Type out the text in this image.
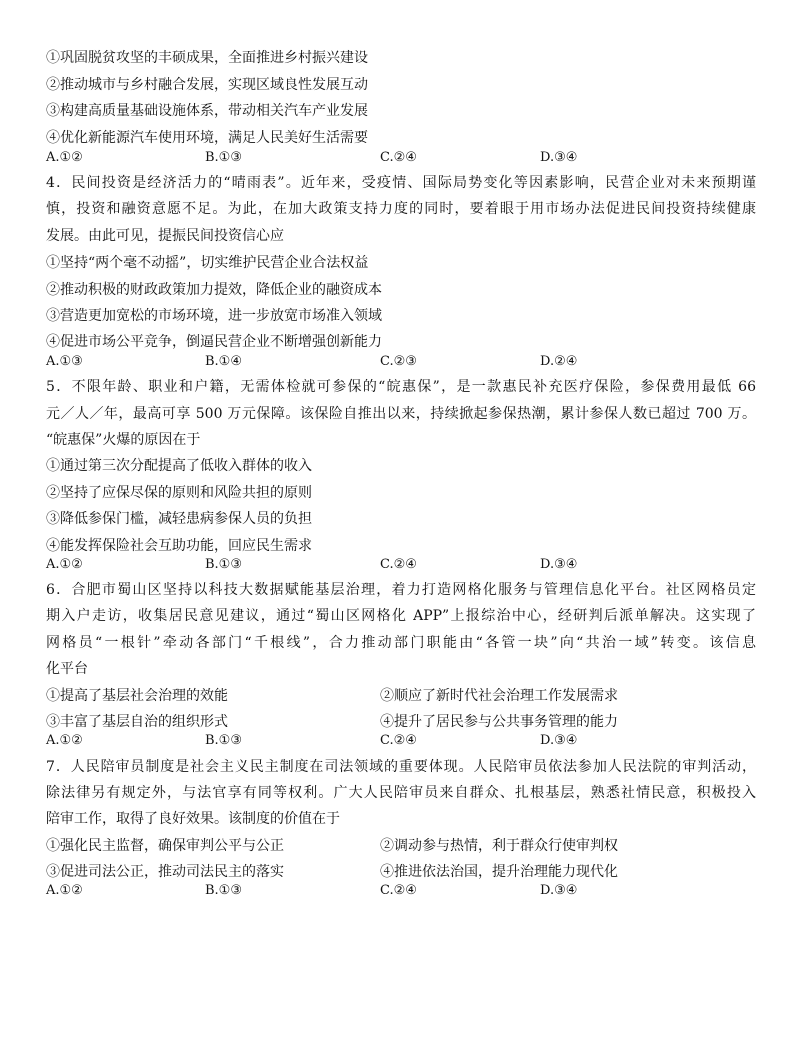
①巩固脱贫攻坚的丰硕成果，全面推进乡村振兴建设
②推动城市与乡村融合发展，实现区域良性发展互动
③构建高质量基础设施体系，带动相关汽车产业发展
④优化新能源汽车使用环境，满足人民美好生活需要
A.①②	B.①③	C.②④	D.③④
4．民间投资是经济活力的“晴雨表”。近年来，受疫情、国际局势变化等因素影响，民营企业对未来预期谨
慎，投资和融资意愿不足。为此，在加大政策支持力度的同时，要着眼于用市场办法促进民间投资持续健康
发展。由此可见，提振民间投资信心应
①坚持“两个毫不动摇”，切实维护民营企业合法权益
②推动积极的财政政策加力提效，降低企业的融资成本
③营造更加宽松的市场环境，进一步放宽市场准入领域
④促进市场公平竞争，倒逼民营企业不断增强创新能力
A.①③	B.①④	C.②③	D.②④
5．不限年龄、职业和户籍，无需体检就可参保的“皖惠保”，是一款惠民补充医疗保险，参保费用最低 66
元／人／年，最高可享 500 万元保障。该保险自推出以来，持续掀起参保热潮，累计参保人数已超过 700 万。
“皖惠保”火爆的原因在于
①通过第三次分配提高了低收入群体的收入
②坚持了应保尽保的原则和风险共担的原则
③降低参保门槛，减轻患病参保人员的负担
④能发挥保险社会互助功能，回应民生需求
A.①②	B.①③	C.②④	D.③④
6．合肥市蜀山区坚持以科技大数据赋能基层治理，着力打造网格化服务与管理信息化平台。社区网格员定
期入户走访，收集居民意见建议，通过“蜀山区网格化 APP”上报综治中心，经研判后派单解决。这实现了
网格员“一根针”牵动各部门“千根线”，合力推动部门职能由“各管一块”向“共治一域”转变。该信息
化平台
①提高了基层社会治理的效能	②顺应了新时代社会治理工作发展需求
③丰富了基层自治的组织形式	④提升了居民参与公共事务管理的能力
A.①②	B.①③	C.②④	D.③④
7．人民陪审员制度是社会主义民主制度在司法领域的重要体现。人民陪审员依法参加人民法院的审判活动，
除法律另有规定外，与法官享有同等权利。广大人民陪审员来自群众、扎根基层，熟悉社情民意，积极投入
陪审工作，取得了良好效果。该制度的价值在于
①强化民主监督，确保审判公平与公正	②调动参与热情，利于群众行使审判权
③促进司法公正，推动司法民主的落实	④推进依法治国，提升治理能力现代化
A.①②	B.①③	C.②④	D.③④
